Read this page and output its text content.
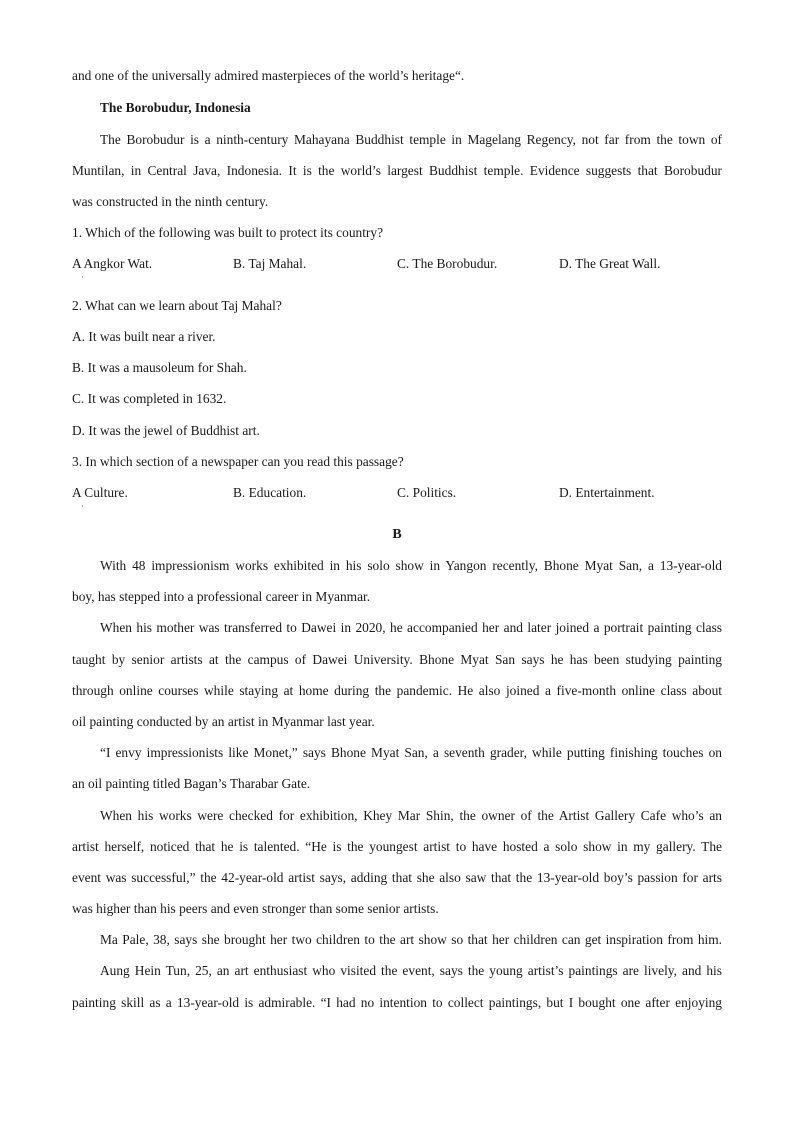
and one of the universally admired masterpieces of the world’s heritage“.
The Borobudur, Indonesia
The Borobudur is a ninth-century Mahayana Buddhist temple in Magelang Regency, not far from the town of
Muntilan, in Central Java, Indonesia. It is the world’s largest Buddhist temple. Evidence suggests that Borobudur
was constructed in the ninth century.
1. Which of the following was built to protect its country?
A Angkor Wat.	B. Taj Mahal.	C. The Borobudur.	D. The Great Wall.
·
2. What can we learn about Taj Mahal?
A. It was built near a river.
B. It was a mausoleum for Shah.
C. It was completed in 1632.
D. It was the jewel of Buddhist art.
3. In which section of a newspaper can you read this passage?
A Culture.	B. Education.	C. Politics.	D. Entertainment.
·
B
With 48 impressionism works exhibited in his solo show in Yangon recently, Bhone Myat San, a 13-year-old
boy, has stepped into a professional career in Myanmar.
When his mother was transferred to Dawei in 2020, he accompanied her and later joined a portrait painting class
taught by senior artists at the campus of Dawei University. Bhone Myat San says he has been studying painting
through online courses while staying at home during the pandemic. He also joined a five-month online class about
oil painting conducted by an artist in Myanmar last year.
“I envy impressionists like Monet,” says Bhone Myat San, a seventh grader, while putting finishing touches on
an oil painting titled Bagan’s Tharabar Gate.
When his works were checked for exhibition, Khey Mar Shin, the owner of the Artist Gallery Cafe who’s an
artist herself, noticed that he is talented. “He is the youngest artist to have hosted a solo show in my gallery. The
event was successful,” the 42-year-old artist says, adding that she also saw that the 13-year-old boy’s passion for arts
was higher than his peers and even stronger than some senior artists.
Ma Pale, 38, says she brought her two children to the art show so that her children can get inspiration from him.
Aung Hein Tun, 25, an art enthusiast who visited the event, says the young artist’s paintings are lively, and his
painting skill as a 13-year-old is admirable. “I had no intention to collect paintings, but I bought one after enjoying
